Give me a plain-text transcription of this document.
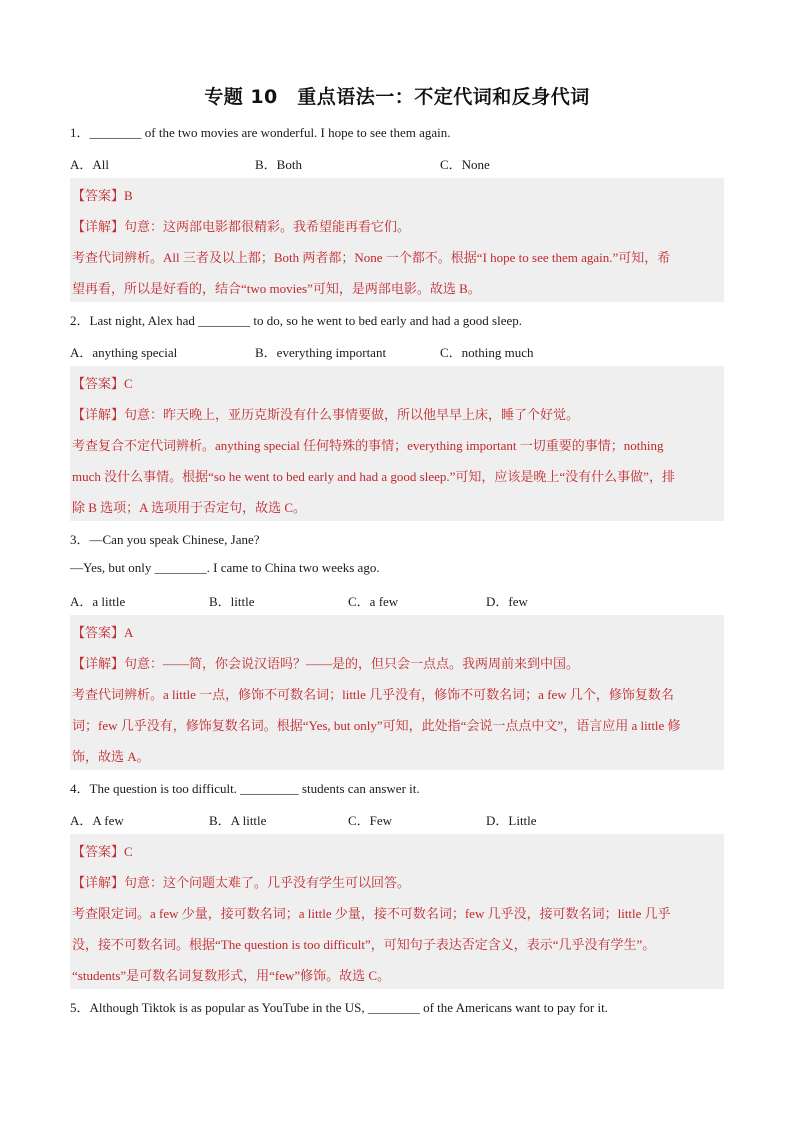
专题 10　重点语法一：不定代词和反身代词
1．________ of the two movies are wonderful. I hope to see them again.
A．All	B．Both	C．None
【答案】B
【详解】句意：这两部电影都很精彩。我希望能再看它们。
考查代词辨析。All 三者及以上都；Both 两者都；None 一个都不。根据“I hope to see them again.”可知，希
望再看，所以是好看的，结合“two movies”可知，是两部电影。故选 B。
2．Last night, Alex had ________ to do, so he went to bed early and had a good sleep.
A．anything special	B．everything important	C．nothing much
【答案】C
【详解】句意：昨天晚上，亚历克斯没有什么事情要做，所以他早早上床，睡了个好觉。
考查复合不定代词辨析。anything special 任何特殊的事情；everything important 一切重要的事情；nothing
much 没什么事情。根据“so he went to bed early and had a good sleep.”可知，应该是晚上“没有什么事做”，排
除 B 选项；A 选项用于否定句，故选 C。
3．—Can you speak Chinese, Jane?
—Yes, but only ________. I came to China two weeks ago.
A．a little	B．little	C．a few	D．few
【答案】A
【详解】句意：——简，你会说汉语吗？——是的，但只会一点点。我两周前来到中国。
考查代词辨析。a little 一点，修饰不可数名词；little 几乎没有，修饰不可数名词；a few 几个，修饰复数名
词；few 几乎没有，修饰复数名词。根据“Yes, but only”可知，此处指“会说一点点中文”，语言应用 a little 修
饰，故选 A。
4．The question is too difficult. _________ students can answer it.
A．A few	B．A little	C．Few	D．Little
【答案】C
【详解】句意：这个问题太难了。几乎没有学生可以回答。
考查限定词。a few 少量，接可数名词；a little 少量，接不可数名词；few 几乎没，接可数名词；little 几乎
没，接不可数名词。根据“The question is too difficult”，可知句子表达否定含义，表示“几乎没有学生”。
“students”是可数名词复数形式，用“few”修饰。故选 C。
5．Although Tiktok is as popular as YouTube in the US, ________ of the Americans want to pay for it.
